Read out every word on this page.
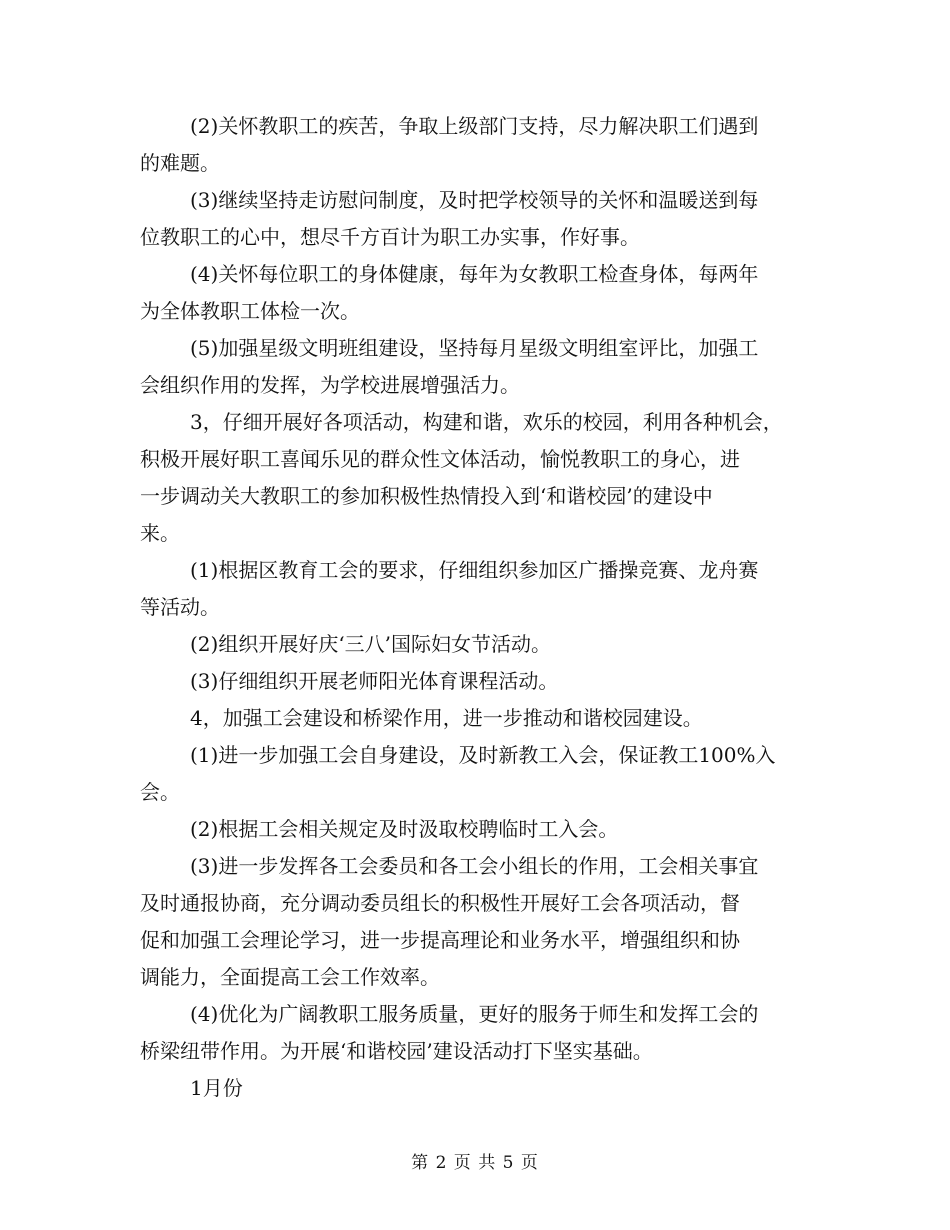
(2)关怀教职工的疾苦，争取上级部门支持，尽力解决职工们遇到
的难题。
(3)继续坚持走访慰问制度，及时把学校领导的关怀和温暖送到每
位教职工的心中，想尽千方百计为职工办实事，作好事。
(4)关怀每位职工的身体健康，每年为女教职工检查身体，每两年
为全体教职工体检一次。
(5)加强星级文明班组建设，坚持每月星级文明组室评比，加强工
会组织作用的发挥，为学校进展增强活力。
3，仔细开展好各项活动，构建和谐，欢乐的校园，利用各种机会，
积极开展好职工喜闻乐见的群众性文体活动，愉悦教职工的身心，进
一步调动关大教职工的参加积极性热情投入到‘和谐校园’的建设中
来。
(1)根据区教育工会的要求，仔细组织参加区广播操竞赛、龙舟赛
等活动。
(2)组织开展好庆‘三八’国际妇女节活动。
(3)仔细组织开展老师阳光体育课程活动。
4，加强工会建设和桥梁作用，进一步推动和谐校园建设。
(1)进一步加强工会自身建设，及时新教工入会，保证教工100%入
会。
(2)根据工会相关规定及时汲取校聘临时工入会。
(3)进一步发挥各工会委员和各工会小组长的作用，工会相关事宜
及时通报协商，充分调动委员组长的积极性开展好工会各项活动，督
促和加强工会理论学习，进一步提高理论和业务水平，增强组织和协
调能力，全面提高工会工作效率。
(4)优化为广阔教职工服务质量，更好的服务于师生和发挥工会的
桥梁纽带作用。为开展‘和谐校园’建设活动打下坚实基础。
1月份
第 2 页 共 5 页
